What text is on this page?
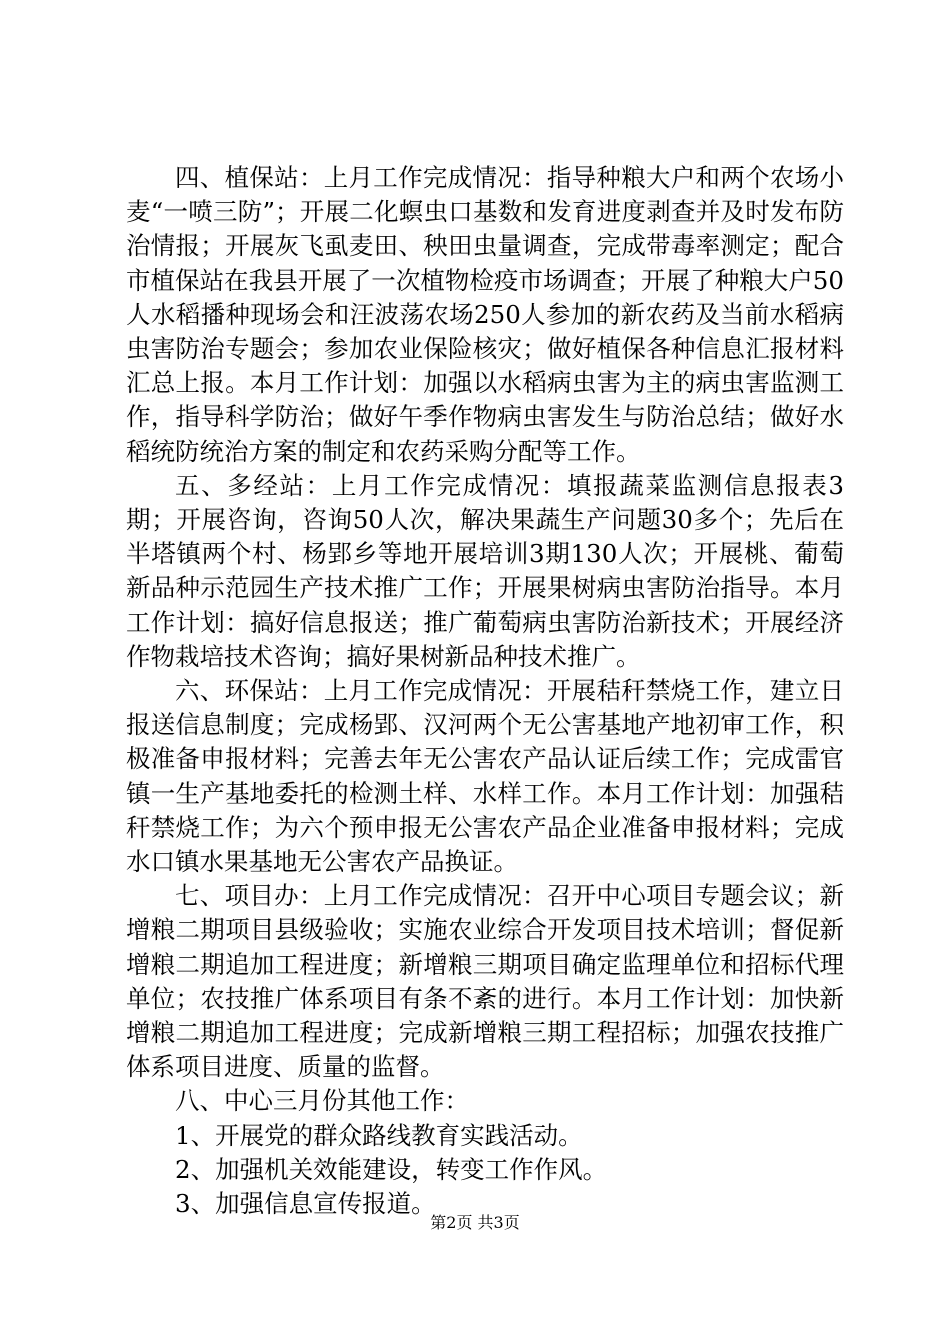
四、植保站：上月工作完成情况：指导种粮大户和两个农场小麦“一喷三防”；开展二化螟虫口基数和发育进度剥查并及时发布防治情报；开展灰飞虱麦田、秧田虫量调查，完成带毒率测定；配合市植保站在我县开展了一次植物检疫市场调查；开展了种粮大户50人水稻播种现场会和汪波荡农场250人参加的新农药及当前水稻病虫害防治专题会；参加农业保险核灾；做好植保各种信息汇报材料汇总上报。本月工作计划：加强以水稻病虫害为主的病虫害监测工作，指导科学防治；做好午季作物病虫害发生与防治总结；做好水稻统防统治方案的制定和农药采购分配等工作。

五、多经站：上月工作完成情况：填报蔬菜监测信息报表3期；开展咨询，咨询50人次，解决果蔬生产问题30多个；先后在半塔镇两个村、杨郢乡等地开展培训3期130人次；开展桃、葡萄新品种示范园生产技术推广工作；开展果树病虫害防治指导。本月工作计划：搞好信息报送；推广葡萄病虫害防治新技术；开展经济作物栽培技术咨询；搞好果树新品种技术推广。

六、环保站：上月工作完成情况：开展秸秆禁烧工作，建立日报送信息制度；完成杨郢、汉河两个无公害基地产地初审工作，积极准备申报材料；完善去年无公害农产品认证后续工作；完成雷官镇一生产基地委托的检测土样、水样工作。本月工作计划：加强秸秆禁烧工作；为六个预申报无公害农产品企业准备申报材料；完成水口镇水果基地无公害农产品换证。

七、项目办：上月工作完成情况：召开中心项目专题会议；新增粮二期项目县级验收；实施农业综合开发项目技术培训；督促新增粮二期追加工程进度；新增粮三期项目确定监理单位和招标代理单位；农技推广体系项目有条不紊的进行。本月工作计划：加快新增粮二期追加工程进度；完成新增粮三期工程招标；加强农技推广体系项目进度、质量的监督。

八、中心三月份其他工作：

1、开展党的群众路线教育实践活动。

2、加强机关效能建设，转变工作作风。

3、加强信息宣传报道。

第2页 共3页
